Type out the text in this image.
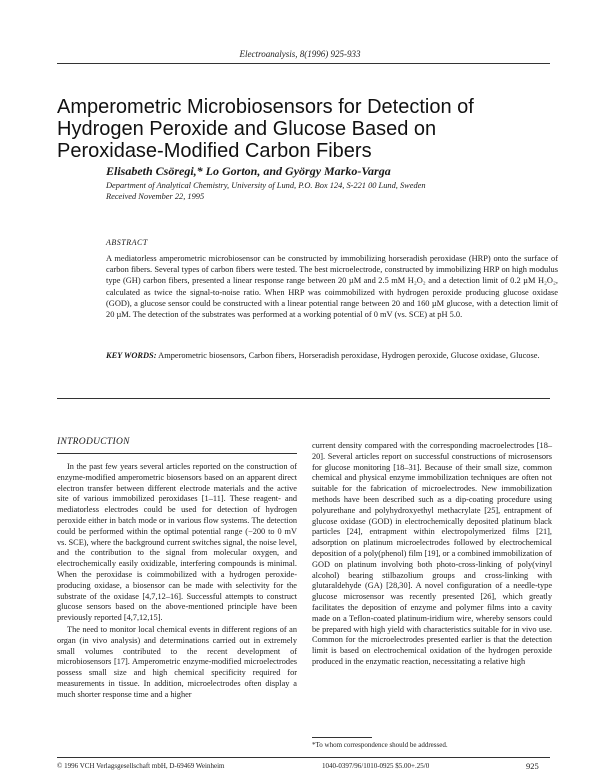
Electroanalysis, 8(1996) 925-933
Amperometric Microbiosensors for Detection of
Hydrogen Peroxide and Glucose Based on
Peroxidase-Modified Carbon Fibers
Elisabeth Csöregi,* Lo Gorton, and György Marko-Varga
Department of Analytical Chemistry, University of Lund, P.O. Box 124, S-221 00 Lund, Sweden
Received November 22, 1995
ABSTRACT
A mediatorless amperometric microbiosensor can be constructed by immobilizing horseradish peroxidase (HRP) onto the surface of carbon fibers. Several types of carbon fibers were tested. The best microelectrode, constructed by immobilizing HRP on high modulus type (GH) carbon fibers, presented a linear response range between 20 µM and 2.5 mM H₂O₂ and a detection limit of 0.2 µM H₂O₂, calculated as twice the signal-to-noise ratio. When HRP was coimmobilized with hydrogen peroxide producing glucose oxidase (GOD), a glucose sensor could be constructed with a linear potential range between 20 and 160 µM glucose, with a detection limit of 20 µM. The detection of the substrates was performed at a working potential of 0 mV (vs. SCE) at pH 5.0.
KEY WORDS: Amperometric biosensors, Carbon fibers, Horseradish peroxidase, Hydrogen peroxide, Glucose oxidase, Glucose.
INTRODUCTION

In the past few years several articles reported on the construction of enzyme-modified amperometric biosensors based on an apparent direct electron transfer between different electrode materials and the active site of various immobilized peroxidases [1–11]. These reagent- and mediatorless electrodes could be used for detection of hydrogen peroxide either in batch mode or in various flow systems. The detection could be performed within the optimal potential range (−200 to 0 mV vs. SCE), where the background current switches signal, the noise level, and the contribution to the signal from molecular oxygen, and electrochemically easily oxidizable, interfering compounds is minimal. When the peroxidase is coimmobilized with a hydrogen peroxide-producing oxidase, a biosensor can be made with selectivity for the substrate of the oxidase [4,7,12–16]. Successful attempts to construct glucose sensors based on the above-mentioned principle have been previously reported [4,7,12,15].

The need to monitor local chemical events in different regions of an organ (in vivo analysis) and determinations carried out in extremely small volumes contributed to the recent development of microbiosensors [17]. Amperometric enzyme-modified microelectrodes possess small size and high chemical specificity required for measurements in tissue. In addition, microelectrodes often display a much shorter response time and a higher

current density compared with the corresponding macroelectrodes [18–20]. Several articles report on successful constructions of microsensors for glucose monitoring [18–31]. Because of their small size, common chemical and physical enzyme immobilization techniques are often not suitable for the fabrication of microelectrodes. New immobilization methods have been described such as a dip-coating procedure using polyurethane and polyhydroxyethyl methacrylate [25], entrapment of glucose oxidase (GOD) in electrochemically deposited platinum black particles [24], entrapment within electropolymerized films [21], adsorption on platinum microelectrodes followed by electrochemical deposition of a poly(phenol) film [19], or a combined immobilization of GOD on platinum involving both photo-cross-linking of poly(vinyl alcohol) bearing stilbazolium groups and cross-linking with glutaraldehyde (GA) [28,30]. A novel configuration of a needle-type glucose microsensor was recently presented [26], which greatly facilitates the deposition of enzyme and polymer films into a cavity made on a Teflon-coated platinum-iridium wire, whereby sensors could be prepared with high yield with characteristics suitable for in vivo use. Common for the microelectrodes presented earlier is that the detection limit is based on electrochemical oxidation of the hydrogen peroxide produced in the enzymatic reaction, necessitating a relative high

*To whom correspondence should be addressed.
© 1996 VCH Verlagsgesellschaft mbH, D-69469 Weinheim	1040-0397/96/1010-0925 $5.00+.25/0	925
